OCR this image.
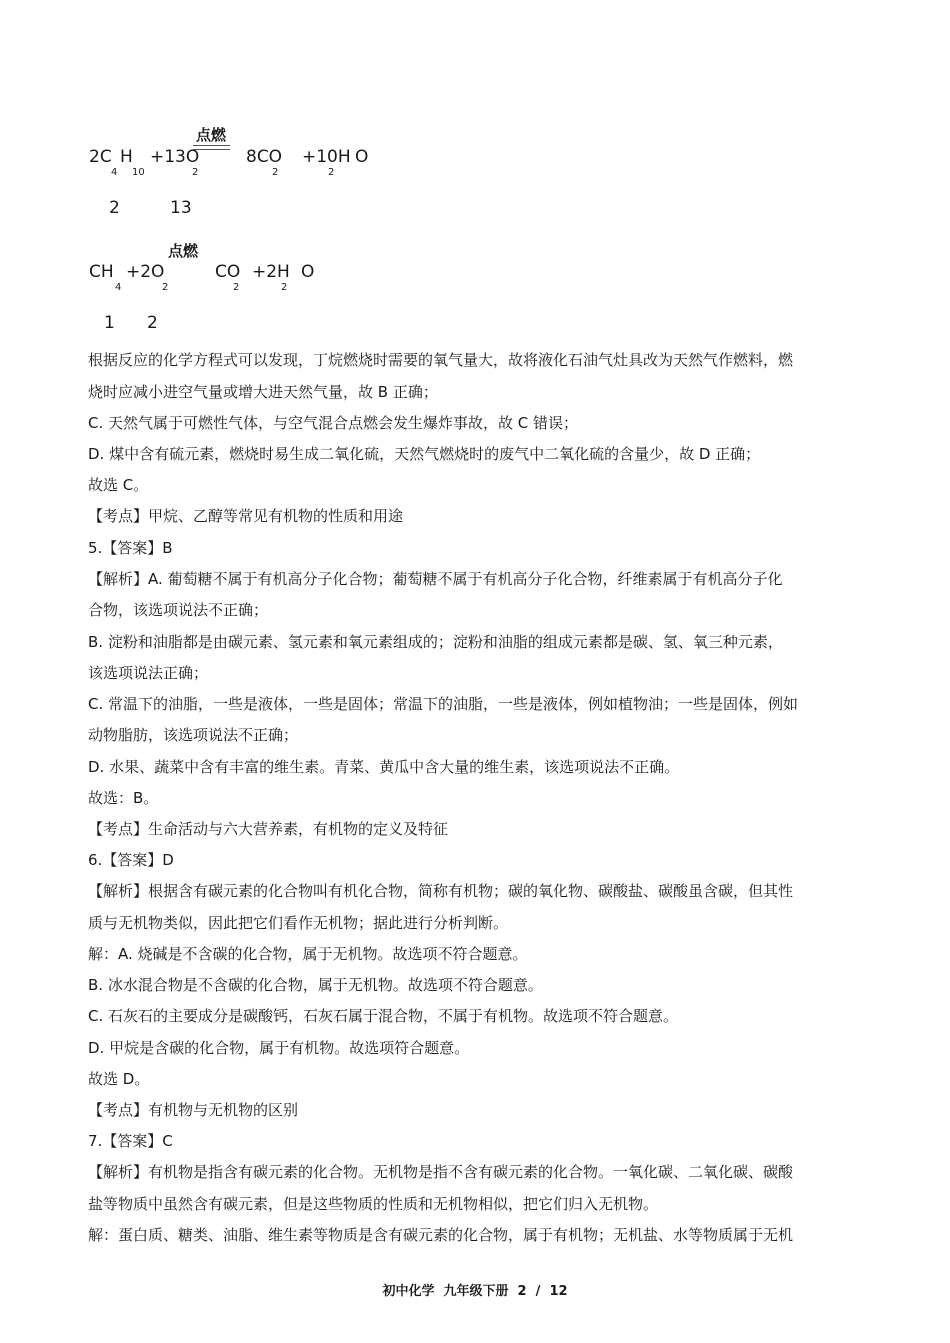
点燃
2C H +13O	8CO +10H O
4 10	2	2	2
2	13
点燃
CH +2O	CO +2H O
4	2	2	2
1 2
根据反应的化学方程式可以发现，丁烷燃烧时需要的氧气量大，故将液化石油气灶具改为天然气作燃料，燃
烧时应减小进空气量或增大进天然气量，故 B 正确；
C. 天然气属于可燃性气体，与空气混合点燃会发生爆炸事故，故 C 错误；
D. 煤中含有硫元素，燃烧时易生成二氧化硫，天然气燃烧时的废气中二氧化硫的含量少，故 D 正确；
故选 C。
【考点】甲烷、乙醇等常见有机物的性质和用途
5.【答案】B
【解析】A. 葡萄糖不属于有机高分子化合物；葡萄糖不属于有机高分子化合物，纤维素属于有机高分子化
合物，该选项说法不正确；
B. 淀粉和油脂都是由碳元素、氢元素和氧元素组成的；淀粉和油脂的组成元素都是碳、氢、氧三种元素，
该选项说法正确；
C. 常温下的油脂，一些是液体，一些是固体；常温下的油脂，一些是液体，例如植物油；一些是固体，例如
动物脂肪，该选项说法不正确；
D. 水果、蔬菜中含有丰富的维生素。青菜、黄瓜中含大量的维生素，该选项说法不正确。
故选：B。
【考点】生命活动与六大营养素，有机物的定义及特征
6.【答案】D
【解析】根据含有碳元素的化合物叫有机化合物，简称有机物；碳的氧化物、碳酸盐、碳酸虽含碳，但其性
质与无机物类似，因此把它们看作无机物；据此进行分析判断。
解：A. 烧碱是不含碳的化合物，属于无机物。故选项不符合题意。
B. 冰水混合物是不含碳的化合物，属于无机物。故选项不符合题意。
C. 石灰石的主要成分是碳酸钙，石灰石属于混合物，不属于有机物。故选项不符合题意。
D. 甲烷是含碳的化合物，属于有机物。故选项符合题意。
故选 D。
【考点】有机物与无机物的区别
7.【答案】C
【解析】有机物是指含有碳元素的化合物。无机物是指不含有碳元素的化合物。一氧化碳、二氧化碳、碳酸
盐等物质中虽然含有碳元素，但是这些物质的性质和无机物相似，把它们归入无机物。
解：蛋白质、糖类、油脂、维生素等物质是含有碳元素的化合物，属于有机物；无机盐、水等物质属于无机
初中化学  九年级下册  2  /  12
